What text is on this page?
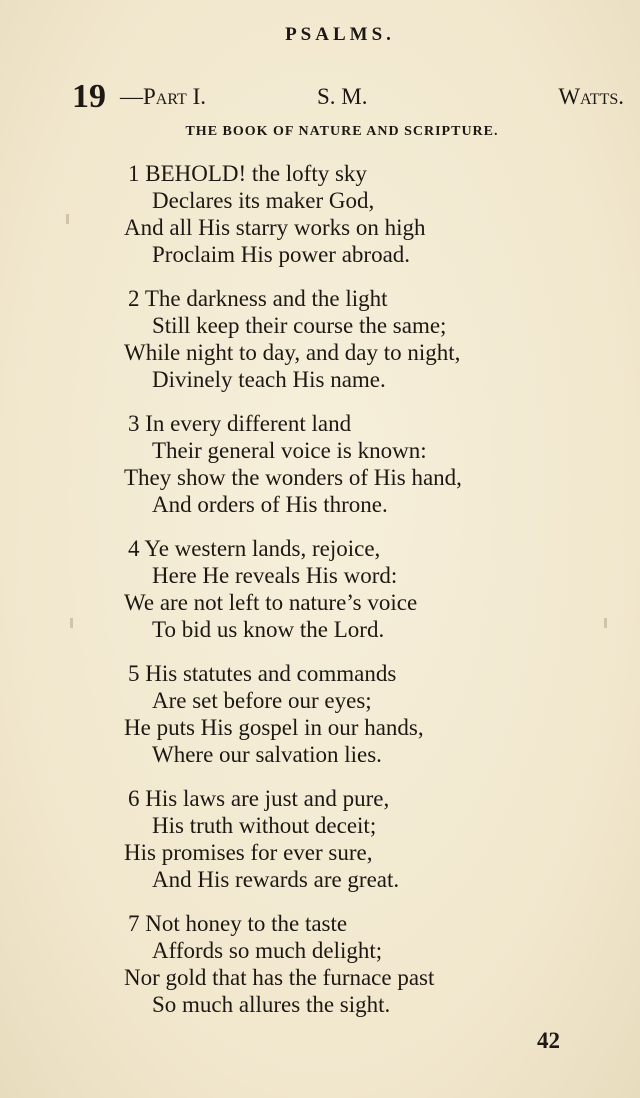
PSALMS.
19 —Part I.	S. M.	Watts.
THE BOOK OF NATURE AND SCRIPTURE.
1 BEHOLD! the lofty sky
Declares its maker God,
And all His starry works on high
Proclaim His power abroad.
2 The darkness and the light
Still keep their course the same;
While night to day, and day to night,
Divinely teach His name.
3 In every different land
Their general voice is known:
They show the wonders of His hand,
And orders of His throne.
4 Ye western lands, rejoice,
Here He reveals His word:
We are not left to nature’s voice
To bid us know the Lord.
5 His statutes and commands
Are set before our eyes;
He puts His gospel in our hands,
Where our salvation lies.
6 His laws are just and pure,
His truth without deceit;
His promises for ever sure,
And His rewards are great.
7 Not honey to the taste
Affords so much delight;
Nor gold that has the furnace past
So much allures the sight.
42
